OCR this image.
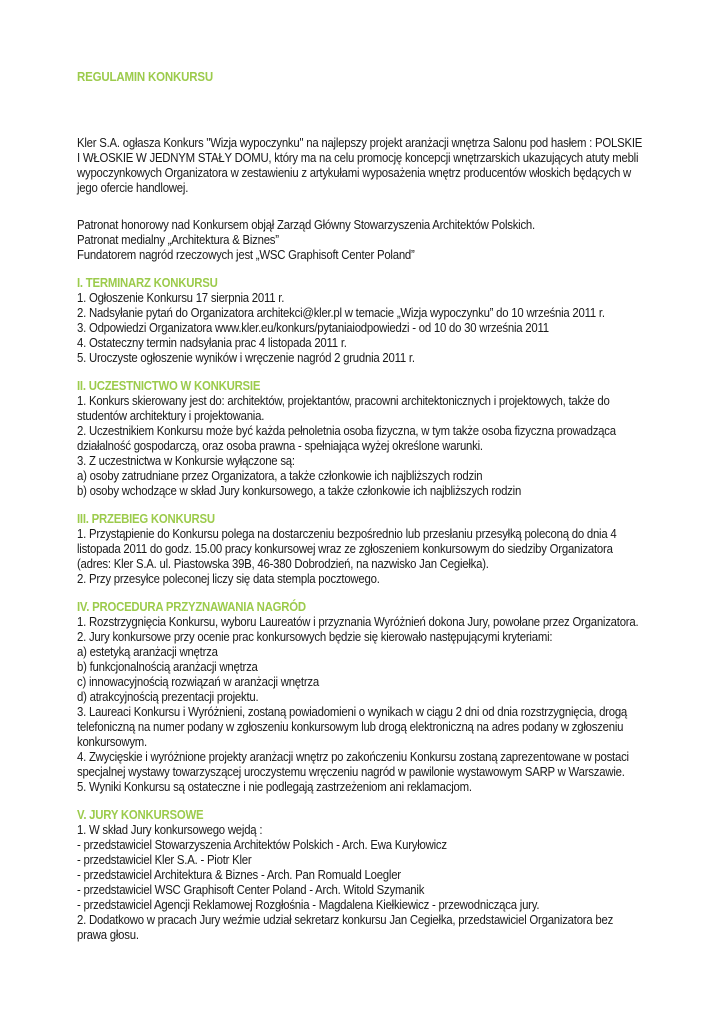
REGULAMIN KONKURSU
Kler S.A. ogłasza Konkurs "Wizja wypoczynku" na najlepszy projekt aranżacji wnętrza Salonu pod hasłem : POLSKIE
I WŁOSKIE W JEDNYM STAŁY DOMU, który ma na celu promocję koncepcji wnętrzarskich ukazujących atuty mebli
wypoczynkowych Organizatora w zestawieniu z artykułami wyposażenia wnętrz producentów włoskich będących w
jego ofercie handlowej.
Patronat honorowy nad Konkursem objął Zarząd Główny Stowarzyszenia Architektów Polskich.
Patronat medialny „Architektura & Biznes”
Fundatorem nagród rzeczowych jest „WSC Graphisoft Center Poland”
I. TERMINARZ KONKURSU
1. Ogłoszenie Konkursu 17 sierpnia 2011 r.
2. Nadsyłanie pytań do Organizatora architekci@kler.pl w temacie „Wizja wypoczynku” do 10 września 2011 r.
3. Odpowiedzi Organizatora www.kler.eu/konkurs/pytaniaiodpowiedzi - od 10 do 30 września 2011
4. Ostateczny termin nadsyłania prac 4 listopada 2011 r.
5. Uroczyste ogłoszenie wyników i wręczenie nagród 2 grudnia 2011 r.
II. UCZESTNICTWO W KONKURSIE
1. Konkurs skierowany jest do: architektów, projektantów, pracowni architektonicznych i projektowych, także do
studentów architektury i projektowania.
2. Uczestnikiem Konkursu może być każda pełnoletnia osoba fizyczna, w tym także osoba fizyczna prowadząca
działalność gospodarczą, oraz osoba prawna - spełniająca wyżej określone warunki.
3. Z uczestnictwa w Konkursie wyłączone są:
a) osoby zatrudniane przez Organizatora, a także członkowie ich najbliższych rodzin
b) osoby wchodzące w skład Jury konkursowego, a także członkowie ich najbliższych rodzin
III. PRZEBIEG KONKURSU
1. Przystąpienie do Konkursu polega na dostarczeniu bezpośrednio lub przesłaniu przesyłką poleconą do dnia 4
listopada 2011 do godz. 15.00 pracy konkursowej wraz ze zgłoszeniem konkursowym do siedziby Organizatora
(adres: Kler S.A. ul. Piastowska 39B, 46-380 Dobrodzień, na nazwisko Jan Cegiełka).
2. Przy przesyłce poleconej liczy się data stempla pocztowego.
IV. PROCEDURA PRZYZNAWANIA NAGRÓD
1. Rozstrzygnięcia Konkursu, wyboru Laureatów i przyznania Wyróżnień dokona Jury, powołane przez Organizatora.
2. Jury konkursowe przy ocenie prac konkursowych będzie się kierowało następującymi kryteriami:
a) estetyką aranżacji wnętrza
b) funkcjonalnością aranżacji wnętrza
c) innowacyjnością rozwiązań w aranżacji wnętrza
d) atrakcyjnością prezentacji projektu.
3. Laureaci Konkursu i Wyróżnieni, zostaną powiadomieni o wynikach w ciągu 2 dni od dnia rozstrzygnięcia, drogą
telefoniczną na numer podany w zgłoszeniu konkursowym lub drogą elektroniczną na adres podany w zgłoszeniu
konkursowym.
4. Zwycięskie i wyróżnione projekty aranżacji wnętrz po zakończeniu Konkursu zostaną zaprezentowane w postaci
specjalnej wystawy towarzyszącej uroczystemu wręczeniu nagród w pawilonie wystawowym SARP w Warszawie.
5. Wyniki Konkursu są ostateczne i nie podlegają zastrzeżeniom ani reklamacjom.
V. JURY KONKURSOWE
1. W skład Jury konkursowego wejdą :
- przedstawiciel Stowarzyszenia Architektów Polskich - Arch. Ewa Kuryłowicz
- przedstawiciel Kler S.A. - Piotr Kler
- przedstawiciel Architektura & Biznes - Arch. Pan Romuald Loegler
- przedstawiciel WSC Graphisoft Center Poland - Arch. Witold Szymanik
- przedstawiciel Agencji Reklamowej Rozgłośnia - Magdalena Kiełkiewicz - przewodnicząca jury.
2. Dodatkowo w pracach Jury weźmie udział sekretarz konkursu Jan Cegiełka, przedstawiciel Organizatora bez
prawa głosu.
